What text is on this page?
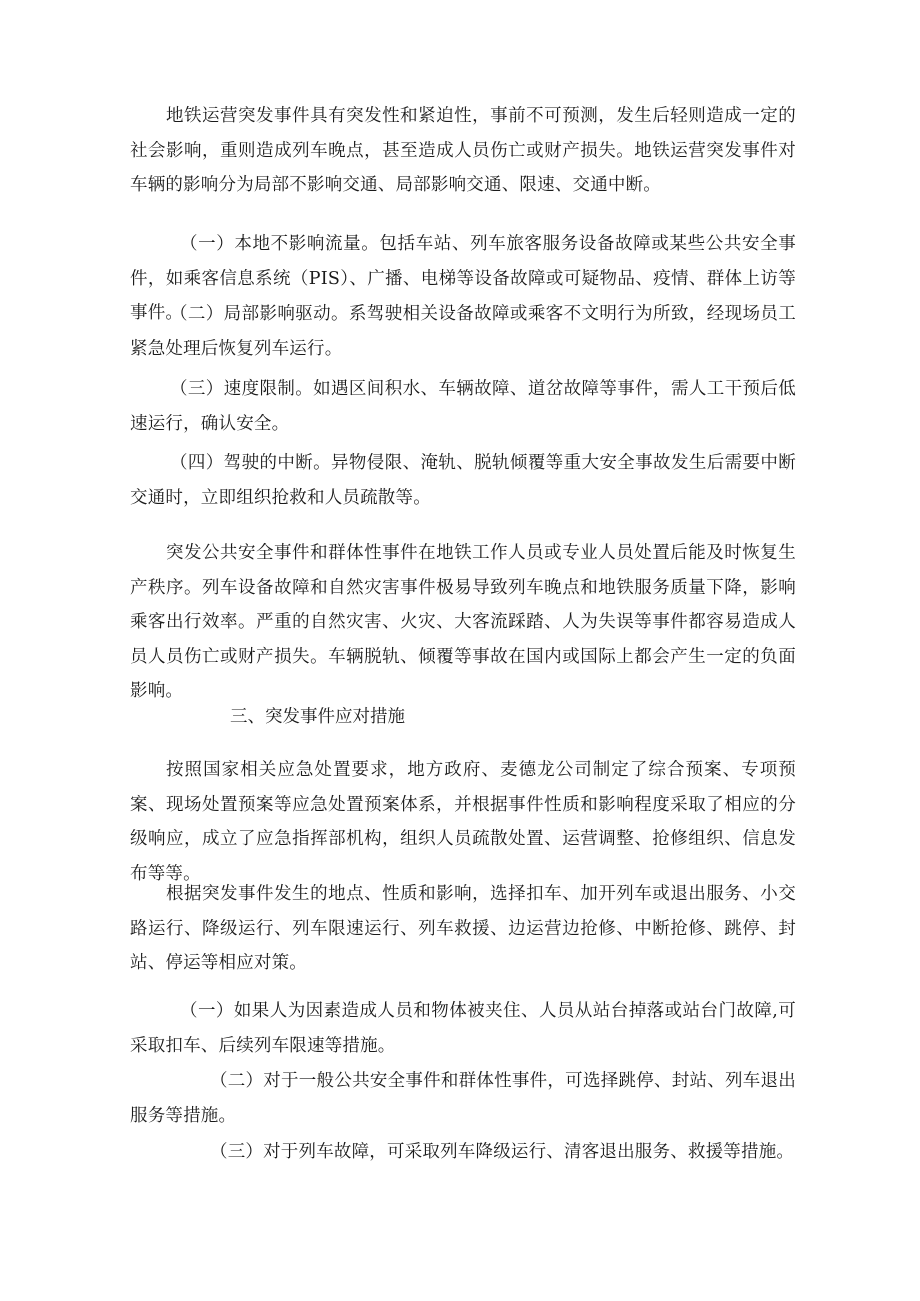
地铁运营突发事件具有突发性和紧迫性，事前不可预测，发生后轻则造成一定的社会影响，重则造成列车晚点，甚至造成人员伤亡或财产损失。地铁运营突发事件对车辆的影响分为局部不影响交通、局部影响交通、限速、交通中断。

（一）本地不影响流量。包括车站、列车旅客服务设备故障或某些公共安全事件，如乘客信息系统（PIS）、广播、电梯等设备故障或可疑物品、疫情、群体上访等事件。

（二）局部影响驱动。系驾驶相关设备故障或乘客不文明行为所致，经现场员工紧急处理后恢复列车运行。

（三）速度限制。如遇区间积水、车辆故障、道岔故障等事件，需人工干预后低速运行，确认安全。

（四）驾驶的中断。异物侵限、淹轨、脱轨倾覆等重大安全事故发生后需要中断交通时，立即组织抢救和人员疏散等。

突发公共安全事件和群体性事件在地铁工作人员或专业人员处置后能及时恢复生产秩序。列车设备故障和自然灾害事件极易导致列车晚点和地铁服务质量下降，影响乘客出行效率。严重的自然灾害、火灾、大客流踩踏、人为失误等事件都容易造成人员人员伤亡或财产损失。车辆脱轨、倾覆等事故在国内或国际上都会产生一定的负面影响。

三、突发事件应对措施

按照国家相关应急处置要求，地方政府、麦德龙公司制定了综合预案、专项预案、现场处置预案等应急处置预案体系，并根据事件性质和影响程度采取了相应的分级响应，成立了应急指挥部机构，组织人员疏散处置、运营调整、抢修组织、信息发布等等。

根据突发事件发生的地点、性质和影响，选择扣车、加开列车或退出服务、小交路运行、降级运行、列车限速运行、列车救援、边运营边抢修、中断抢修、跳停、封站、停运等相应对策。

（一）如果人为因素造成人员和物体被夹住、人员从站台掉落或站台门故障,可采取扣车、后续列车限速等措施。

（二）对于一般公共安全事件和群体性事件，可选择跳停、封站、列车退出服务等措施。

（三）对于列车故障，可采取列车降级运行、清客退出服务、救援等措施。
